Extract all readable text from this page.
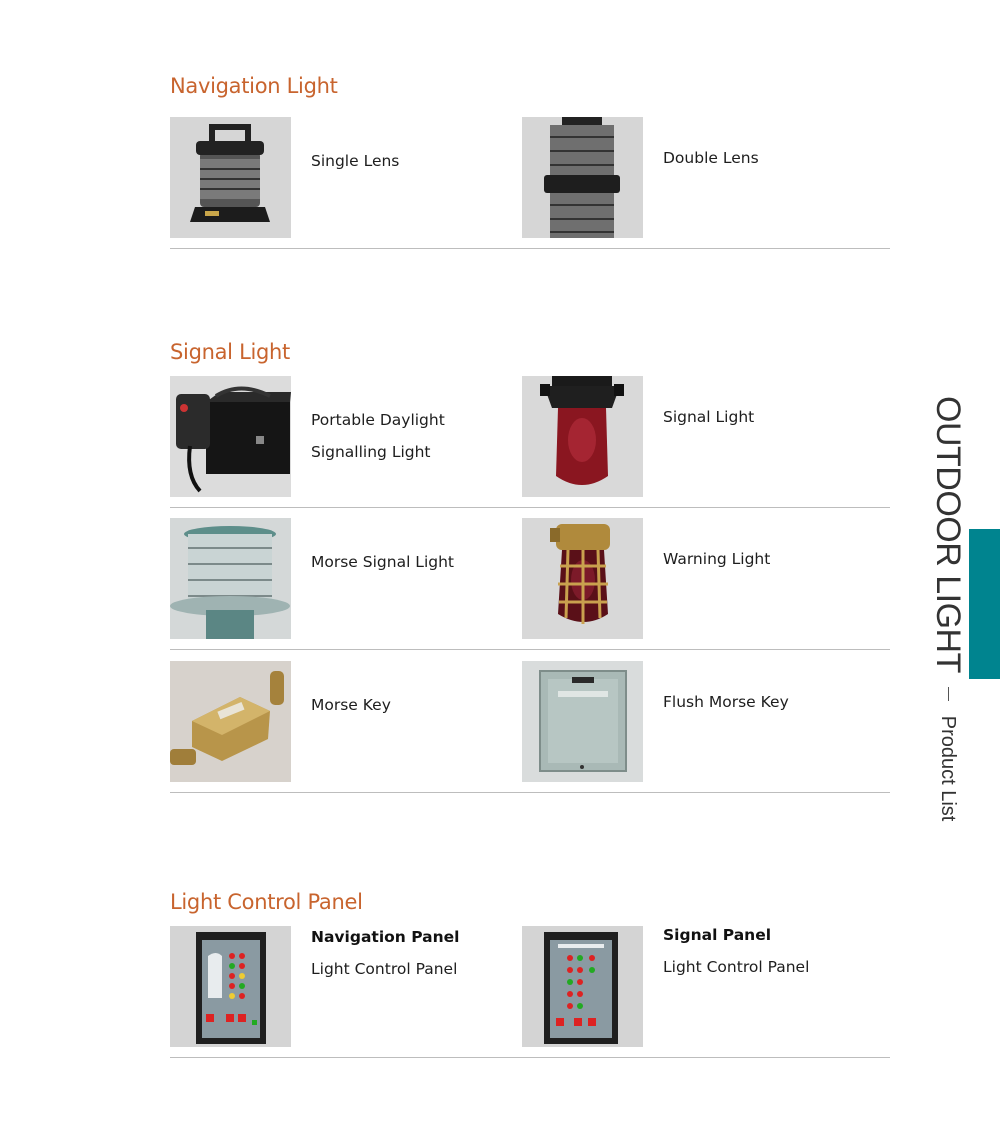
Navigation Light
Single Lens	Double Lens
Signal Light
Portable Daylight
Signalling Light
Signal Light
Morse Signal Light	Warning Light
Morse Key	Flush Morse Key
Light Control Panel
Navigation Panel
Light Control Panel
Signal Panel
Light Control Panel
OUTDOOR LIGHT  Product List
